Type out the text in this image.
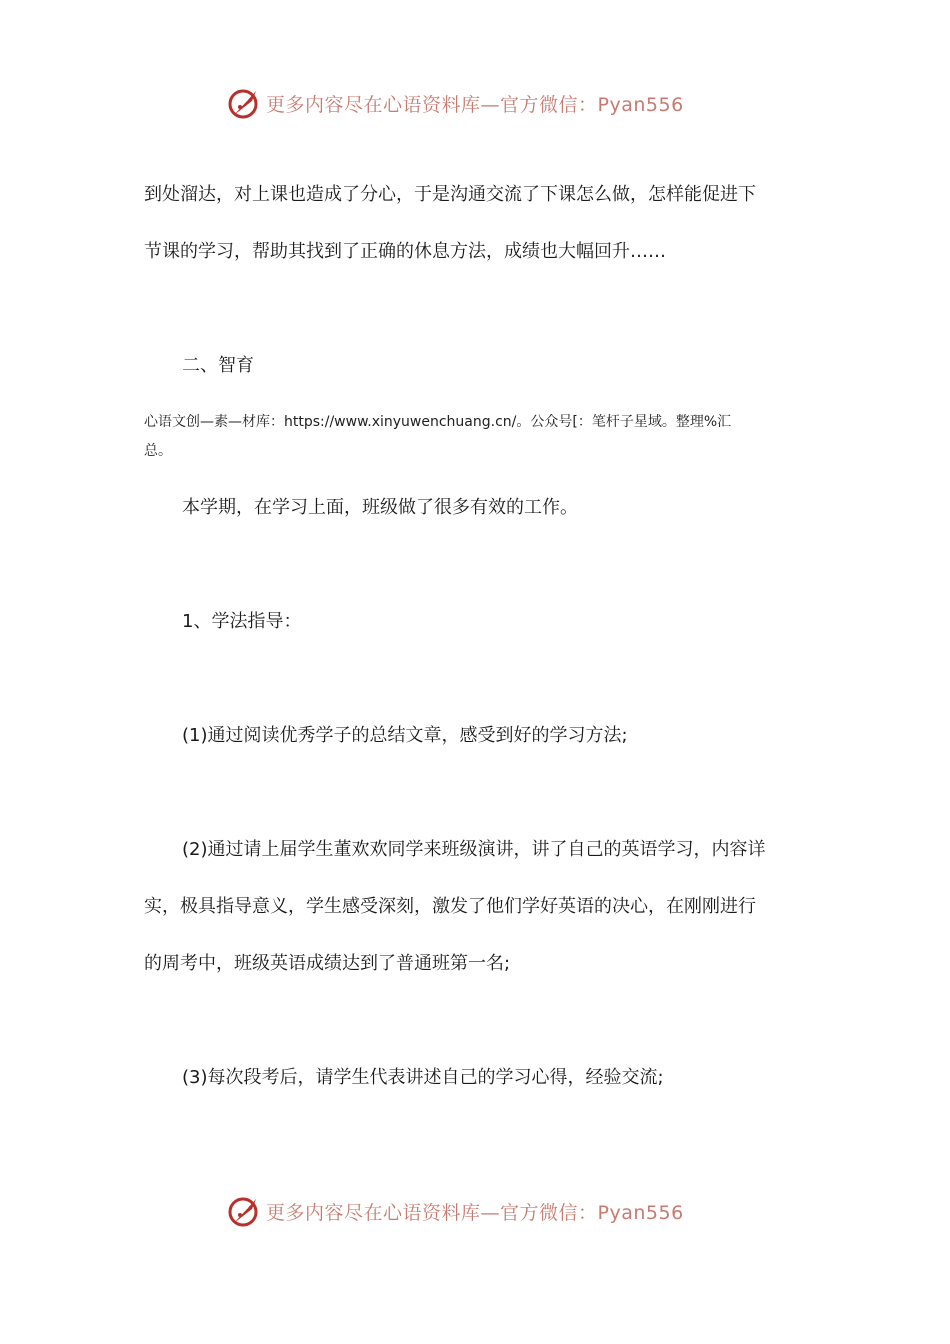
更多内容尽在心语资料库—官方微信：Pyan556
到处溜达，对上课也造成了分心，于是沟通交流了下课怎么做，怎样能促进下
节课的学习，帮助其找到了正确的休息方法，成绩也大幅回升……
二、智育
心语文创—素—材库：https://www.xinyuwenchuang.cn/。公众号[：笔杆子星域。整理%汇
总。
本学期，在学习上面，班级做了很多有效的工作。
1、学法指导：
(1)通过阅读优秀学子的总结文章，感受到好的学习方法;
(2)通过请上届学生董欢欢同学来班级演讲，讲了自己的英语学习，内容详
实，极具指导意义，学生感受深刻，激发了他们学好英语的决心，在刚刚进行
的周考中，班级英语成绩达到了普通班第一名;
(3)每次段考后，请学生代表讲述自己的学习心得，经验交流;
更多内容尽在心语资料库—官方微信：Pyan556
